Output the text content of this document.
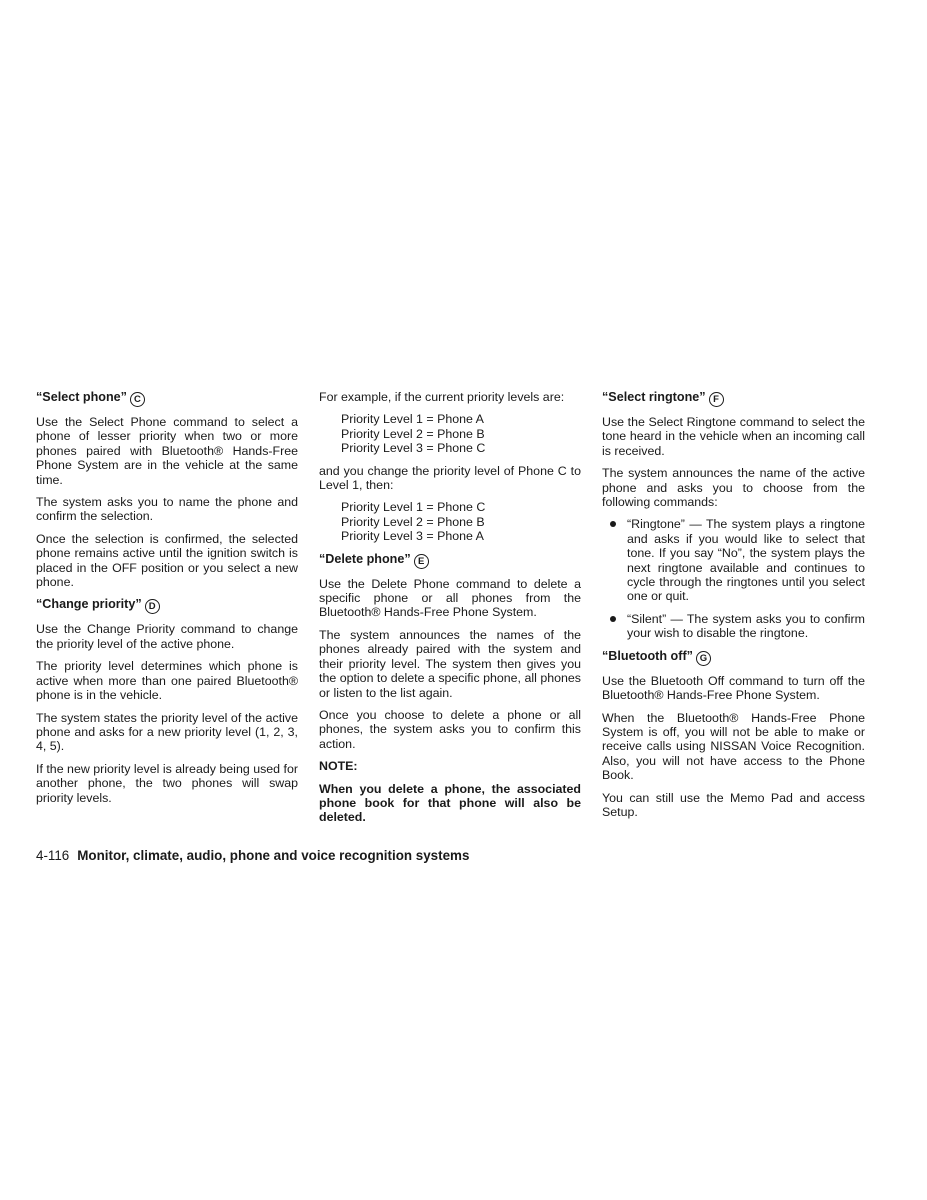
“Select phone” C

Use the Select Phone command to select a phone of lesser priority when two or more phones paired with Bluetooth® Hands-Free Phone System are in the vehicle at the same time.

The system asks you to name the phone and confirm the selection.

Once the selection is confirmed, the selected phone remains active until the ignition switch is placed in the OFF position or you select a new phone.

“Change priority” D

Use the Change Priority command to change the priority level of the active phone.

The priority level determines which phone is active when more than one paired Bluetooth® phone is in the vehicle.

The system states the priority level of the active phone and asks for a new priority level (1, 2, 3, 4, 5).

If the new priority level is already being used for another phone, the two phones will swap priority levels.

For example, if the current priority levels are:

Priority Level 1 = Phone A
Priority Level 2 = Phone B
Priority Level 3 = Phone C

and you change the priority level of Phone C to Level 1, then:

Priority Level 1 = Phone C
Priority Level 2 = Phone B
Priority Level 3 = Phone A
“Delete phone” E

Use the Delete Phone command to delete a specific phone or all phones from the Bluetooth® Hands-Free Phone System.

The system announces the names of the phones already paired with the system and their priority level. The system then gives you the option to delete a specific phone, all phones or listen to the list again.

Once you choose to delete a phone or all phones, the system asks you to confirm this action.

NOTE:

When you delete a phone, the associated phone book for that phone will also be deleted.

“Select ringtone” F

Use the Select Ringtone command to select the tone heard in the vehicle when an incoming call is received.

The system announces the name of the active phone and asks you to choose from the following commands:

“Ringtone” — The system plays a ringtone and asks if you would like to select that tone. If you say “No”, the system plays the next ringtone available and continues to cycle through the ringtones until you select one or quit.
“Silent” — The system asks you to confirm your wish to disable the ringtone.
“Bluetooth off” G

Use the Bluetooth Off command to turn off the Bluetooth® Hands-Free Phone System.

When the Bluetooth® Hands-Free Phone System is off, you will not be able to make or receive calls using NISSAN Voice Recognition. Also, you will not have access to the Phone Book.

You can still use the Memo Pad and access Setup.

4-116 Monitor, climate, audio, phone and voice recognition systems
